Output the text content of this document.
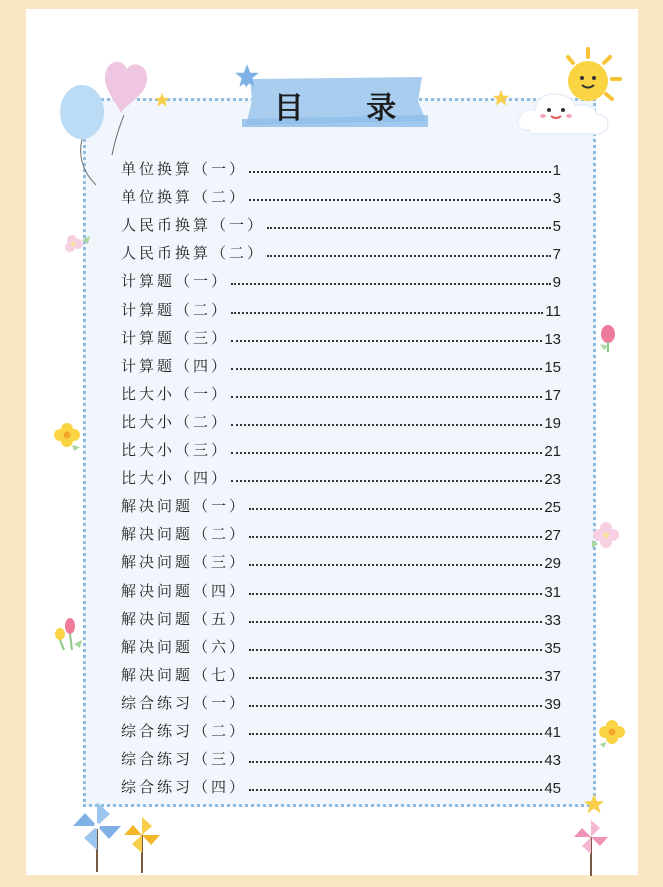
目 录
单位换算（一）	1
单位换算（二）	3
人民币换算（一）	5
人民币换算（二）	7
计算题（一）	9
计算题（二）	11
计算题（三）	13
计算题（四）	15
比大小（一）	17
比大小（二）	19
比大小（三）	21
比大小（四）	23
解决问题（一）	25
解决问题（二）	27
解决问题（三）	29
解决问题（四）	31
解决问题（五）	33
解决问题（六）	35
解决问题（七）	37
综合练习（一）	39
综合练习（二）	41
综合练习（三）	43
综合练习（四）	45
